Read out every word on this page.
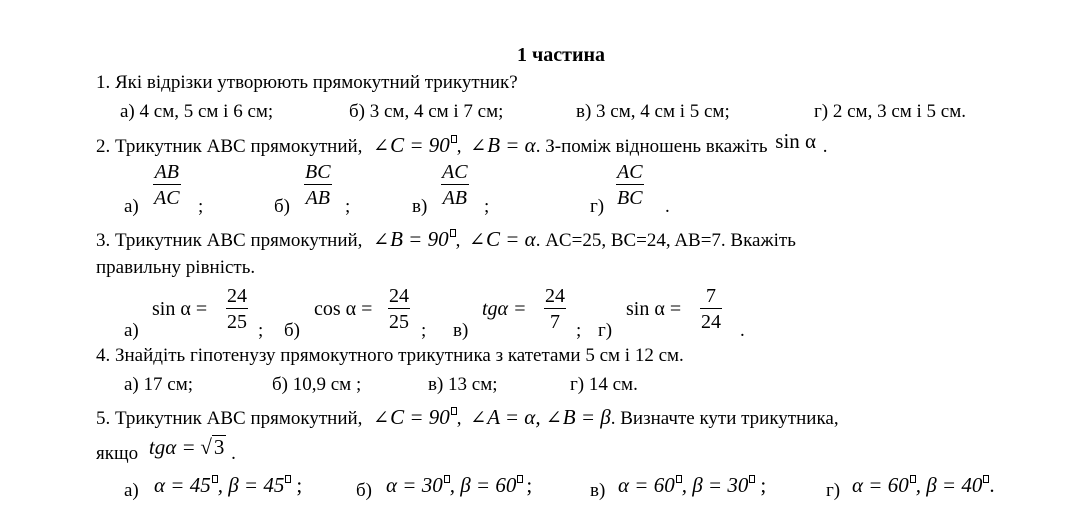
1 частина
1. Які відрізки утворюють прямокутний трикутник?
а) 4 см, 5 см і 6 см;	б) 3 см, 4 см і 7 см;	в) 3 см, 4 см і 5 см;	г) 2 см, 3 см і 5 см.
2. Трикутник АВС прямокутний, ∠C = 90 , ∠B = α. З-поміж відношень вкажіть sin α .
а)
AB
AC ;	б)
BC
AB ;	в)
AC
AB ;	г)
AC
BC .
3. Трикутник АВС прямокутний, ∠B = 90 , ∠C = α. AC=25, BC=24, AB=7. Вкажіть
правильну рівність.
а)
sin α =
24
25 ; б)
cos α =
24
25 ; в)
tgα =
24
7 ; г)
sin α =
7
24 .
4. Знайдіть гіпотенузу прямокутного трикутника з катетами 5 см і 12 см.
а) 17 см;	б) 10,9 см ;	в) 13 см;	г) 14 см.
5. Трикутник АВС прямокутний, ∠C = 90 , ∠A = α, ∠B = β. Визначте кути трикутника,
якщо tgα = √3 .
а) α = 45 , β = 45 ;	б) α = 30 , β = 60 ;	в) α = 60 , β = 30 ;	г) α = 60 , β = 40 .
